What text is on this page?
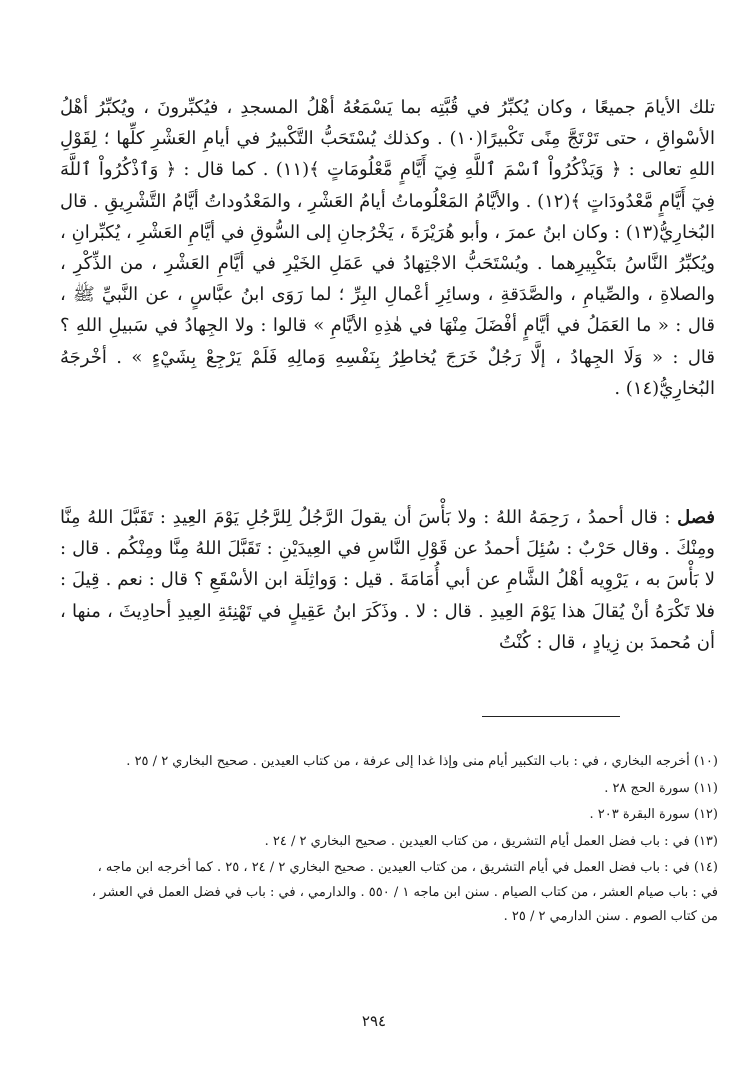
تلك الأيامَ جميعًا ، وكان يُكبِّرُ في قُبَّتِه بما يَسْمَعُهُ أهْلُ المسجدِ ، فيُكبِّرونَ ، ويُكبِّرُ أهْلُ الأسْواقِ ، حتى تَرْتَجَّ مِنًى تَكْبيرًا(١٠) . وكذلك يُسْتَحَبُّ التَّكْبيرُ في أيامِ العَشْرِ كلِّها ؛ لِقَوْلِ اللهِ تعالى : ﴿ وَيَذْكُرُواْ ٱسْمَ ٱللَّهِ فِيٓ أَيَّامٍ مَّعْلُومَاتٍ ﴾(١١) . كما قال : ﴿ وَٱذْكُرُواْ ٱللَّهَ فِيٓ أَيَّامٍ مَّعْدُودَاتٍ ﴾(١٢) . والأيَّامُ المَعْلُوماتُ أيامُ العَشْرِ ، والمَعْدُوداتُ أيَّامُ التَّشْرِيقِ . قال البُخارِيُّ(١٣) : وكان ابنُ عمرَ ، وأبو هُرَيْرَةَ ، يَخْرُجانِ إلى السُّوقِ في أيَّامِ العَشْرِ ، يُكبِّرانِ ، ويُكبِّرُ النَّاسُ بتَكْبِيرِهما . ويُسْتَحَبُّ الاجْتِهادُ في عَمَلِ الخَيْرِ في أيَّامِ العَشْرِ ، من الذِّكْرِ ، والصلاةِ ، والصِّيامِ ، والصَّدَقةِ ، وسائِرِ أعْمالِ البِرِّ ؛ لما رَوَى ابنُ عبَّاسٍ ، عن النَّبيِّ ﷺ ، قال : « ما العَمَلُ في أيَّامٍ أفْضَلَ مِنْهَا في هٰذِهِ الأيَّامِ » قالوا : ولا الجِهادُ في سَبيلِ اللهِ ؟ قال : « وَلَا الجِهادُ ، إلَّا رَجُلٌ خَرَجَ يُخاطِرُ بِنَفْسِهِ وَمالِهِ فَلَمْ يَرْجِعْ بِشَيْءٍ » . أخْرجَهُ البُخارِيُّ(١٤) .

فصل : قال أحمدُ ، رَحِمَهُ اللهُ : ولا بَأْسَ أن يقولَ الرَّجُلُ لِلرَّجُلِ يَوْمَ العِيدِ : تَقَبَّلَ اللهُ مِنَّا ومِنْكَ . وقال حَرْبٌ : سُئِلَ أحمدُ عن قَوْلِ النَّاسِ في العِيدَيْنِ : تَقَبَّلَ اللهُ مِنَّا ومِنْكُم . قال : لا بَأْسَ به ، يَرْوِيه أهْلُ الشَّامِ عن أبي أُمَامَةَ . قيل : وَواثِلَة ابن الأسْقَعِ ؟ قال : نعم . قِيلَ : فلا تَكْرَهُ أنْ يُقالَ هذا يَوْمَ العِيدِ . قال : لا . وذَكَرَ ابنُ عَقِيلٍ في تَهْنِئةِ العِيدِ أحادِيثَ ، منها ، أن مُحمدَ بن زِيادٍ ، قال : كُنْتُ

(١٠) أخرجه البخاري ، في : باب التكبير أيام منى وإذا غدا إلى عرفة ، من كتاب العيدين . صحيح البخاري ٢ / ٢٥ .
(١١) سورة الحج ٢٨ .
(١٢) سورة البقرة ٢٠٣ .
(١٣) في : باب فضل العمل أيام التشريق ، من كتاب العيدين . صحيح البخاري ٢ / ٢٤ .
(١٤) في : باب فضل العمل في أيام التشريق ، من كتاب العيدين . صحيح البخاري ٢ / ٢٤ ، ٢٥ . كما أخرجه ابن ماجه ، في : باب صيام العشر ، من كتاب الصيام . سنن ابن ماجه ١ / ٥٥٠ . والدارمي ، في : باب في فضل العمل في العشر ، من كتاب الصوم . سنن الدارمي ٢ / ٢٥ .
٢٩٤
